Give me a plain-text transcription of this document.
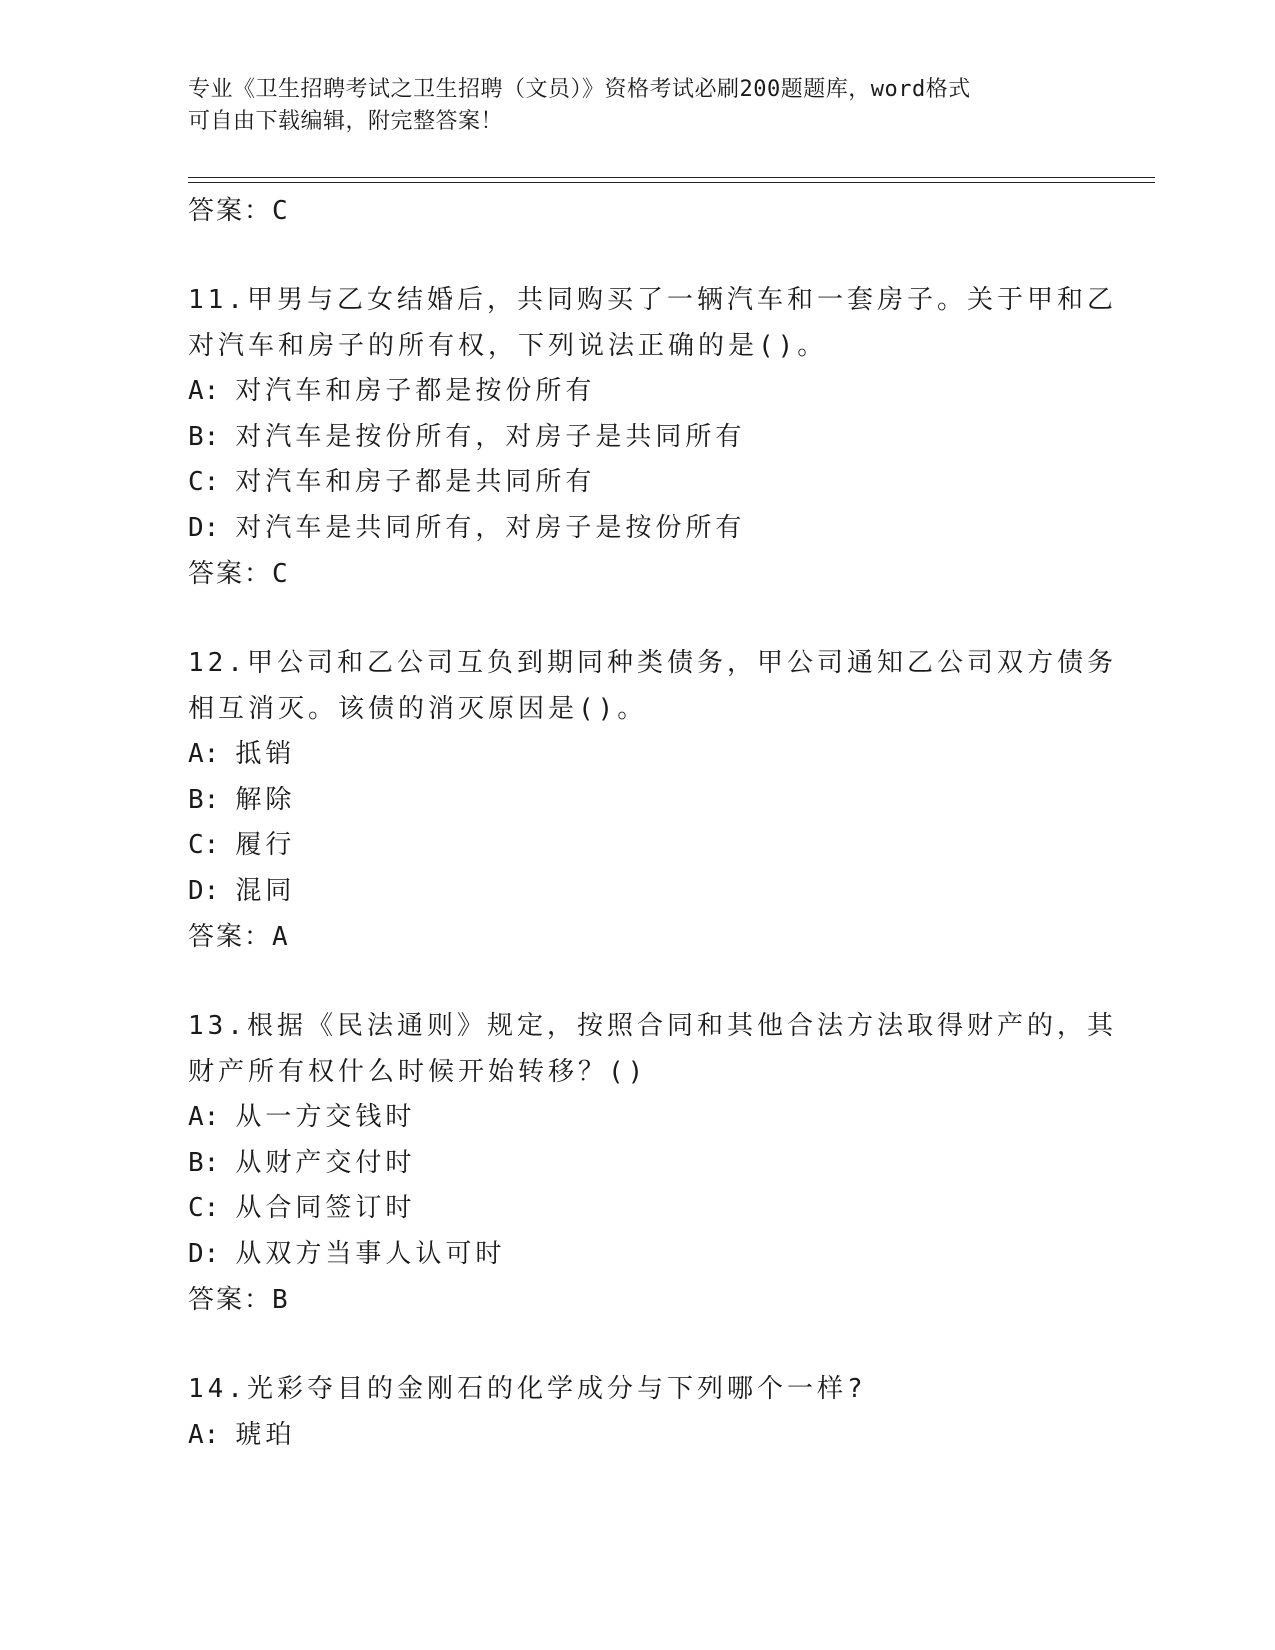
专业《卫生招聘考试之卫生招聘（文员）》资格考试必刷200题题库，word格式
可自由下载编辑，附完整答案！
答案：C
11.甲男与乙女结婚后，共同购买了一辆汽车和一套房子。关于甲和乙
对汽车和房子的所有权，下列说法正确的是()。
A: 对汽车和房子都是按份所有
B: 对汽车是按份所有，对房子是共同所有
C: 对汽车和房子都是共同所有
D: 对汽车是共同所有，对房子是按份所有
答案：C
12.甲公司和乙公司互负到期同种类债务，甲公司通知乙公司双方债务
相互消灭。该债的消灭原因是()。
A: 抵销
B: 解除
C: 履行
D: 混同
答案：A
13.根据《民法通则》规定，按照合同和其他合法方法取得财产的，其
财产所有权什么时候开始转移？()
A: 从一方交钱时
B: 从财产交付时
C: 从合同签订时
D: 从双方当事人认可时
答案：B
14.光彩夺目的金刚石的化学成分与下列哪个一样?
A: 琥珀
